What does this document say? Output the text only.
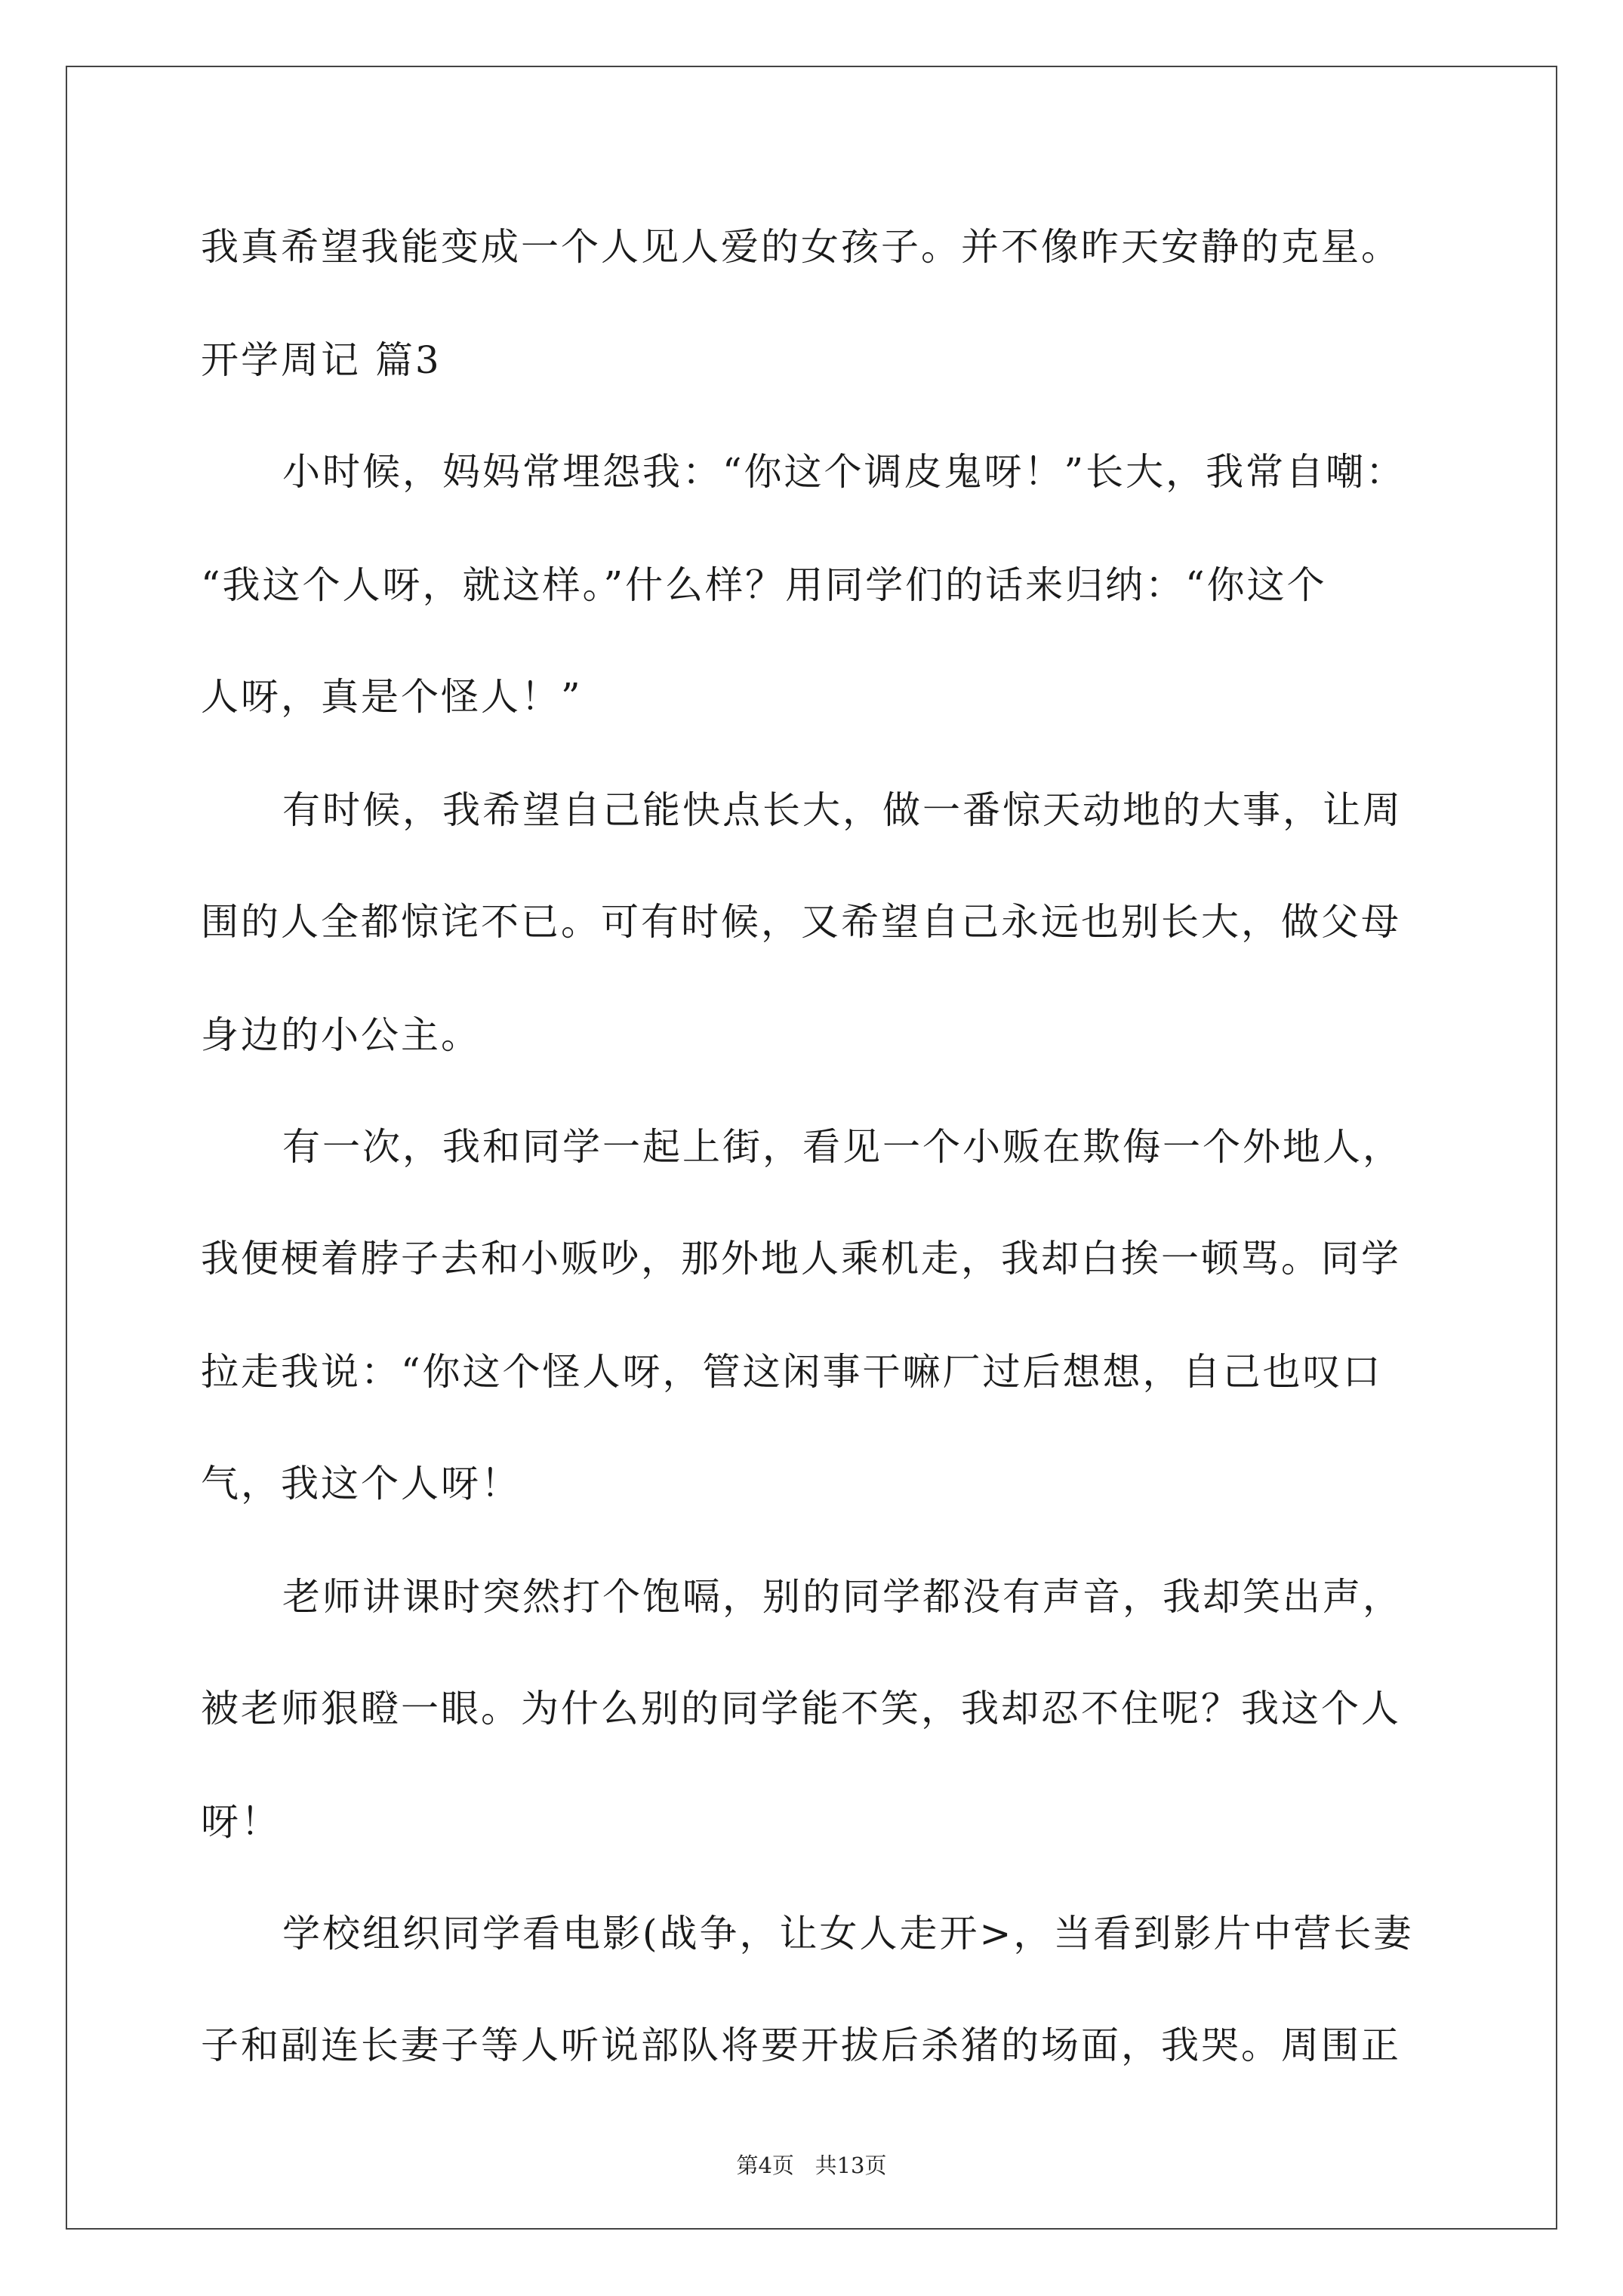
我真希望我能变成一个人见人爱的女孩子。并不像昨天安静的克星。
开学周记 篇3
小时候，妈妈常埋怨我：“你这个调皮鬼呀！”长大，我常自嘲：
“我这个人呀，就这样。”什么样？用同学们的话来归纳：“你这个
人呀，真是个怪人！”
有时候，我希望自己能快点长大，做一番惊天动地的大事，让周
围的人全都惊诧不已。可有时候，又希望自己永远也别长大，做父母
身边的小公主。
有一次，我和同学一起上街，看见一个小贩在欺侮一个外地人，
我便梗着脖子去和小贩吵，那外地人乘机走，我却白挨一顿骂。同学
拉走我说：“你这个怪人呀，管这闲事干嘛厂过后想想，自己也叹口
气，我这个人呀！
老师讲课时突然打个饱嗝，别的同学都没有声音，我却笑出声，
被老师狠瞪一眼。为什么别的同学能不笑，我却忍不住呢？我这个人
呀！
学校组织同学看电影(战争，让女人走开>，当看到影片中营长妻
子和副连长妻子等人听说部队将要开拔后杀猪的场面，我哭。周围正
第4页   共13页
